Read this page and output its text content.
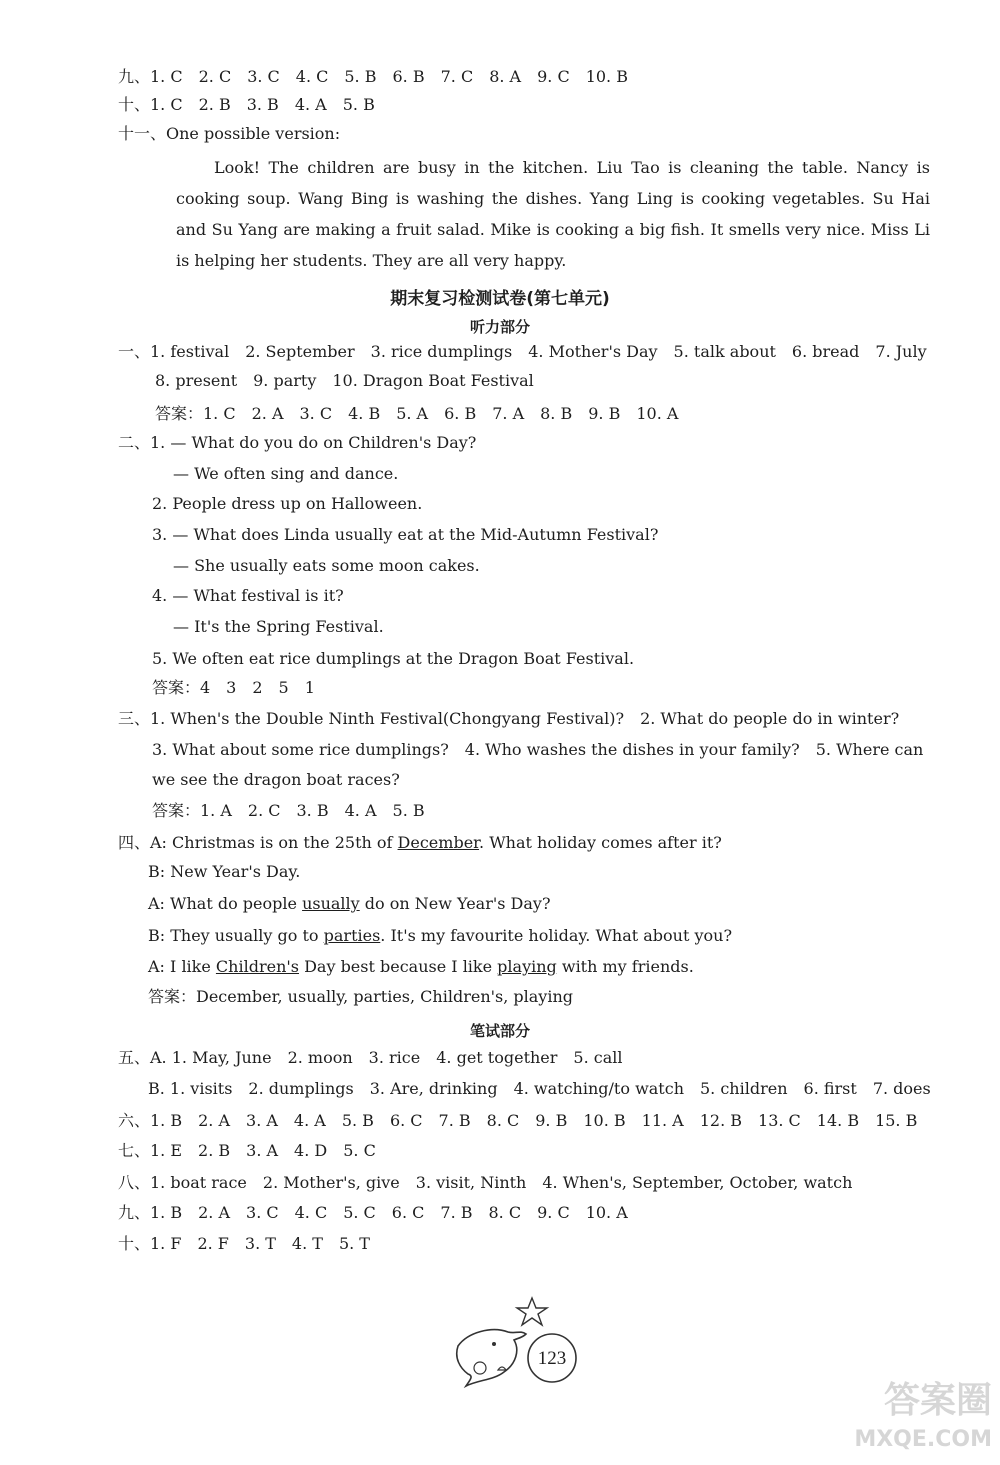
九、1. C　2. C　3. C　4. C　5. B　6. B　7. C　8. A　9. C　10. B
十、1. C　2. B　3. B　4. A　5. B
十一、One possible version:
Look! The children are busy in the kitchen. Liu Tao is cleaning the table. Nancy is cooking soup. Wang Bing is washing the dishes. Yang Ling is cooking vegetables. Su Hai and Su Yang are making a fruit salad. Mike is cooking a big fish. It smells very nice. Miss Li is helping her students. They are all very happy.
期末复习检测试卷(第七单元)
听力部分
一、1. festival　2. September　3. rice dumplings　4. Mother's Day　5. talk about　6. bread　7. July
8. present　9. party　10. Dragon Boat Festival
答案：1. C　2. A　3. C　4. B　5. A　6. B　7. A　8. B　9. B　10. A
二、1. — What do you do on Children's Day?
— We often sing and dance.
2. People dress up on Halloween.
3. — What does Linda usually eat at the Mid-Autumn Festival?
— She usually eats some moon cakes.
4. — What festival is it?
— It's the Spring Festival.
5. We often eat rice dumplings at the Dragon Boat Festival.
答案：4　3　2　5　1
三、1. When's the Double Ninth Festival(Chongyang Festival)?　2. What do people do in winter?
3. What about some rice dumplings?　4. Who washes the dishes in your family?　5. Where can
we see the dragon boat races?
答案：1. A　2. C　3. B　4. A　5. B
四、A: Christmas is on the 25th of December. What holiday comes after it?
B: New Year's Day.
A: What do people usually do on New Year's Day?
B: They usually go to parties. It's my favourite holiday. What about you?
A: I like Children's Day best because I like playing with my friends.
答案：December, usually, parties, Children's, playing
笔试部分
五、A. 1. May, June　2. moon　3. rice　4. get together　5. call
B. 1. visits　2. dumplings　3. Are, drinking　4. watching/to watch　5. children　6. first　7. does
六、1. B　2. A　3. A　4. A　5. B　6. C　7. B　8. C　9. B　10. B　11. A　12. B　13. C　14. B　15. B
七、1. E　2. B　3. A　4. D　5. C
八、1. boat race　2. Mother's, give　3. visit, Ninth　4. When's, September, October, watch
九、1. B　2. A　3. C　4. C　5. C　6. C　7. B　8. C　9. C　10. A
十、1. F　2. F　3. T　4. T　5. T
123
答案圈
MXQE.COM
